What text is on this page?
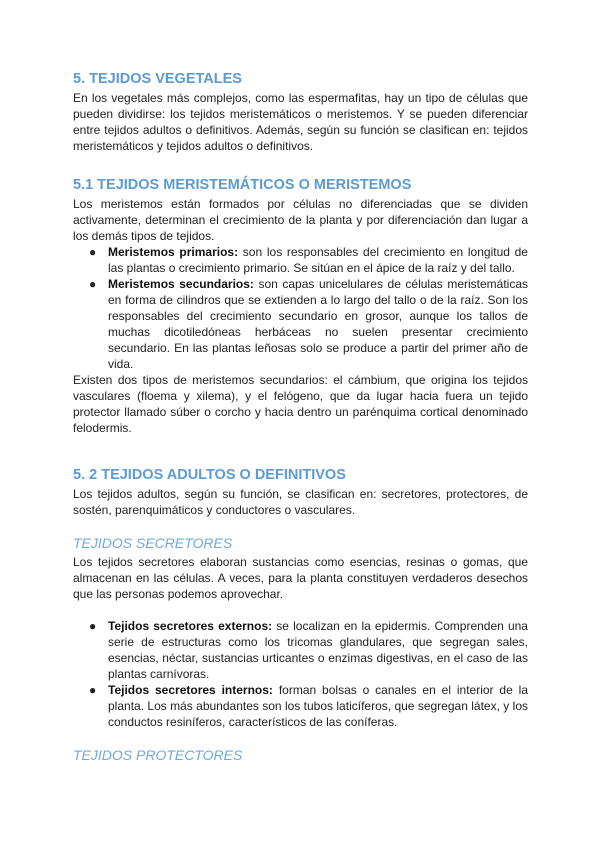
5. TEJIDOS VEGETALES

En los vegetales más complejos, como las espermafitas, hay un tipo de células que pueden dividirse: los tejidos meristemáticos o meristemos. Y se pueden diferenciar entre tejidos adultos o definitivos. Además, según su función se clasifican en: tejidos meristemáticos y tejidos adultos o definitivos.

5.1 TEJIDOS MERISTEMÁTICOS O MERISTEMOS

Los meristemos están formados por células no diferenciadas que se dividen activamente, determinan el crecimiento de la planta y por diferenciación dan lugar a los demás tipos de tejidos.

● Meristemos primarios: son los responsables del crecimiento en longitud de las plantas o crecimiento primario. Se sitúan en el ápice de la raíz y del tallo.
● Meristemos secundarios: son capas unicelulares de células meristemáticas en forma de cilindros que se extienden a lo largo del tallo o de la raíz. Son los responsables del crecimiento secundario en grosor, aunque los tallos de muchas dicotiledóneas herbáceas no suelen presentar crecimiento secundario. En las plantas leñosas solo se produce a partir del primer año de vida.

Existen dos tipos de meristemos secundarios: el cámbium, que origina los tejidos vasculares (floema y xilema), y el felógeno, que da lugar hacia fuera un tejido protector llamado súber o corcho y hacia dentro un parénquima cortical denominado felodermis.

5. 2 TEJIDOS ADULTOS O DEFINITIVOS

Los tejidos adultos, según su función, se clasifican en: secretores, protectores, de sostén, parenquimáticos y conductores o vasculares.

TEJIDOS SECRETORES

Los tejidos secretores elaboran sustancias como esencias, resinas o gomas, que almacenan en las células. A veces, para la planta constituyen verdaderos desechos que las personas podemos aprovechar.

● Tejidos secretores externos: se localizan en la epidermis. Comprenden una serie de estructuras como los tricomas glandulares, que segregan sales, esencias, néctar, sustancias urticantes o enzimas digestivas, en el caso de las plantas carnívoras.
● Tejidos secretores internos: forman bolsas o canales en el interior de la planta. Los más abundantes son los tubos laticíferos, que segregan látex, y los conductos resiníferos, característicos de las coníferas.
TEJIDOS PROTECTORES
